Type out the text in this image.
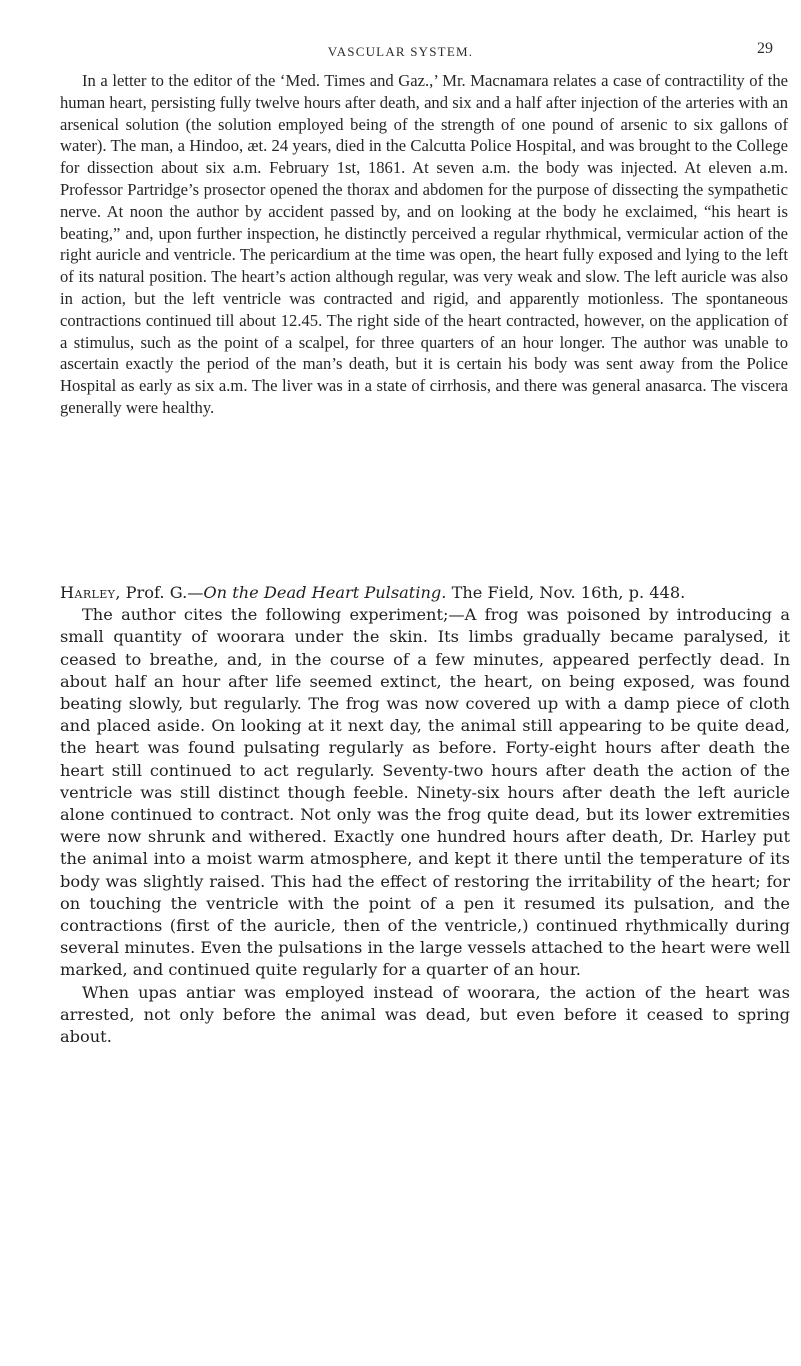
VASCULAR SYSTEM.	29

In a letter to the editor of the ‘Med. Times and Gaz.,’ Mr. Macnamara relates a case of contractility of the human heart, persisting fully twelve hours after death, and six and a half after injection of the arteries with an arsenical solution (the solution employed being of the strength of one pound of arsenic to six gallons of water). The man, a Hindoo, æt. 24 years, died in the Calcutta Police Hospital, and was brought to the College for dissection about six a.m. February 1st, 1861. At seven a.m. the body was injected. At eleven a.m. Professor Partridge’s prosector opened the thorax and abdomen for the purpose of dissecting the sympathetic nerve. At noon the author by accident passed by, and on looking at the body he exclaimed, “his heart is beating,” and, upon further inspection, he distinctly perceived a regular rhythmical, vermicular action of the right auricle and ventricle. The pericardium at the time was open, the heart fully exposed and lying to the left of its natural position. The heart’s action although regular, was very weak and slow. The left auricle was also in action, but the left ventricle was contracted and rigid, and apparently motionless. The spontaneous contractions continued till about 12.45. The right side of the heart contracted, however, on the application of a stimulus, such as the point of a scalpel, for three quarters of an hour longer. The author was unable to ascertain exactly the period of the man’s death, but it is certain his body was sent away from the Police Hospital as early as six a.m. The liver was in a state of cirrhosis, and there was general anasarca. The viscera generally were healthy.

Harley, Prof. G.—On the Dead Heart Pulsating. The Field, Nov. 16th, p. 448.

The author cites the following experiment;—A frog was poisoned by introducing a small quantity of woorara under the skin. Its limbs gradually became paralysed, it ceased to breathe, and, in the course of a few minutes, appeared perfectly dead. In about half an hour after life seemed extinct, the heart, on being exposed, was found beating slowly, but regularly. The frog was now covered up with a damp piece of cloth and placed aside. On looking at it next day, the animal still appearing to be quite dead, the heart was found pulsating regularly as before. Forty-eight hours after death the heart still continued to act regularly. Seventy-two hours after death the action of the ventricle was still distinct though feeble. Ninety-six hours after death the left auricle alone continued to contract. Not only was the frog quite dead, but its lower extremities were now shrunk and withered. Exactly one hundred hours after death, Dr. Harley put the animal into a moist warm atmosphere, and kept it there until the temperature of its body was slightly raised. This had the effect of restoring the irritability of the heart; for on touching the ventricle with the point of a pen it resumed its pulsation, and the contractions (first of the auricle, then of the ventricle,) continued rhythmically during several minutes. Even the pulsations in the large vessels attached to the heart were well marked, and continued quite regularly for a quarter of an hour.

When upas antiar was employed instead of woorara, the action of the heart was arrested, not only before the animal was dead, but even before it ceased to spring about.
